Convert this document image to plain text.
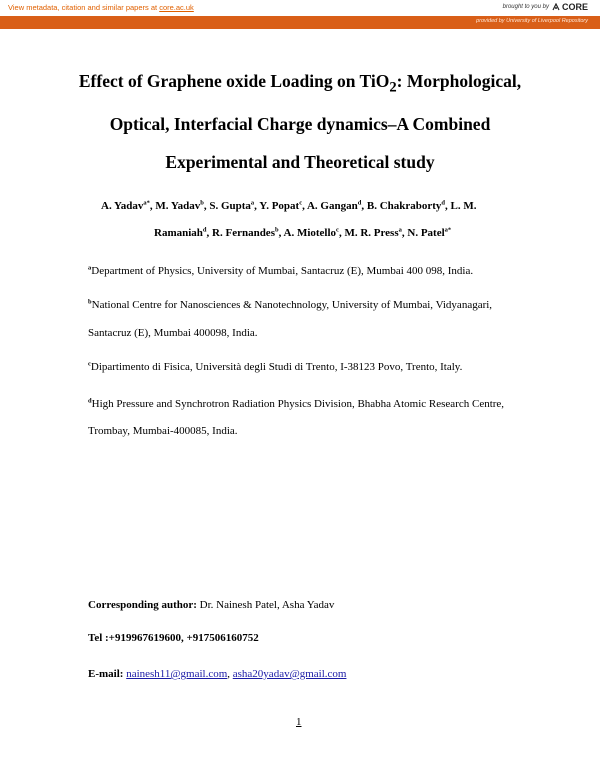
View metadata, citation and similar papers at core.ac.uk	brought to you by CORE
provided by University of Liverpool Repository
Effect of Graphene oxide Loading on TiO$_2$: Morphological,
Optical, Interfacial Charge dynamics–A Combined
Experimental and Theoretical study
A. Yadav$^{a*}$, M. Yadav$^b$, S. Gupta$^a$, Y. Popat$^c$, A. Gangan$^d$, B. Chakraborty$^d$, L. M.
Ramaniah$^d$, R. Fernandes$^b$, A. Miotello$^c$, M. R. Press$^a$, N. Patel$^{a*}$
$^a$Department of Physics, University of Mumbai, Santacruz (E), Mumbai 400 098, India.
$^b$National Centre for Nanosciences & Nanotechnology, University of Mumbai, Vidyanagari,
Santacruz (E), Mumbai 400098, India.
$^c$Dipartimento di Fisica, Università degli Studi di Trento, I-38123 Povo, Trento, Italy.
$^d$High Pressure and Synchrotron Radiation Physics Division, Bhabha Atomic Research Centre,
Trombay, Mumbai-400085, India.
Corresponding author: Dr. Nainesh Patel, Asha Yadav
Tel :+919967619600, +917506160752
E-mail: nainesh11@gmail.com, asha20yadav@gmail.com
1
